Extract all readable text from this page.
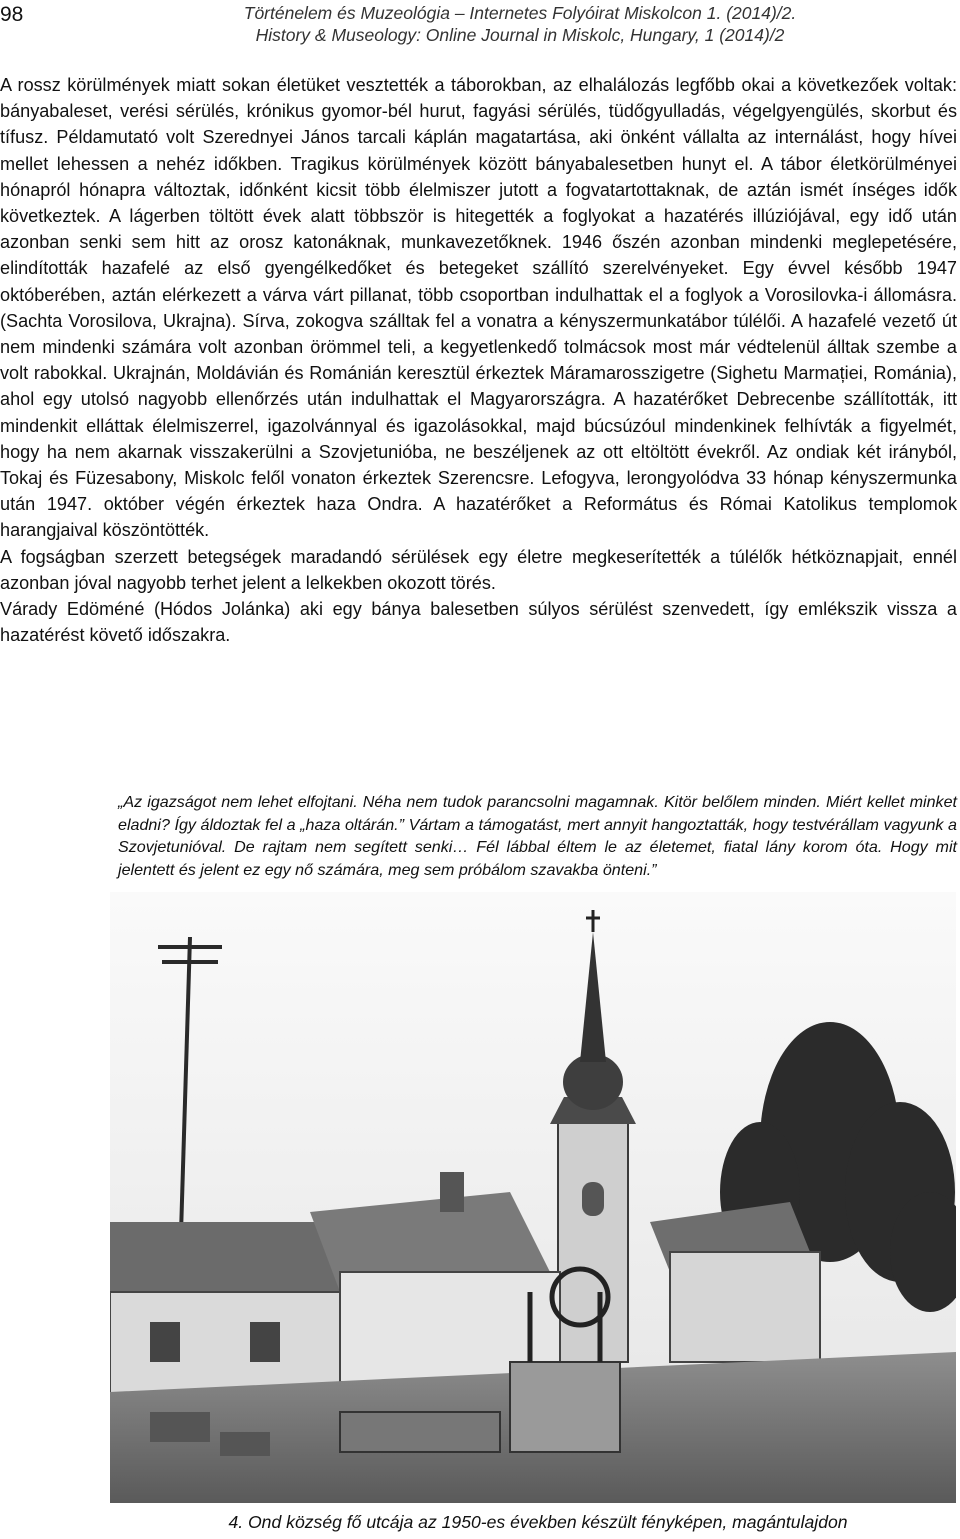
98	Történelem és Muzeológia – Internetes Folyóirat Miskolcon 1. (2014)/2.
History & Museology: Online Journal in Miskolc, Hungary, 1 (2014)/2

A rossz körülmények miatt sokan életüket vesztették a táborokban, az elhalálozás legfőbb okai a következőek voltak: bányabaleset, verési sérülés, krónikus gyomor-bél hurut, fagyási sérülés, tüdőgyulladás, végelgyengülés, skorbut és tífusz. Példamutató volt Szerednyei János tarcali káplán magatartása, aki önként vállalta az internálást, hogy hívei mellet lehessen a nehéz időkben. Tragikus körülmények között bányabalesetben hunyt el. A tábor életkörülményei hónapról hónapra változtak, időnként kicsit több élelmiszer jutott a fogvatartottaknak, de aztán ismét ínséges idők következtek. A lágerben töltött évek alatt többször is hitegették a foglyokat a hazatérés illúziójával, egy idő után azonban senki sem hitt az orosz katonáknak, munkavezetőknek. 1946 őszén azonban mindenki meglepetésére, elindították hazafelé az első gyengélkedőket és betegeket szállító szerelvényeket. Egy évvel később 1947 októberében, aztán elérkezett a várva várt pillanat, több csoportban indulhattak el a foglyok a Vorosilovka-i állomásra. (Sachta Vorosilova, Ukrajna). Sírva, zokogva szálltak fel a vonatra a kényszermunkatábor túlélői. A hazafelé vezető út nem mindenki számára volt azonban örömmel teli, a kegyetlenkedő tolmácsok most már védtelenül álltak szembe a volt rabokkal. Ukrajnán, Moldávián és Románián keresztül érkeztek Máramarosszigetre (Sighetu Marmației, Románia), ahol egy utolsó nagyobb ellenőrzés után indulhattak el Magyarországra. A hazatérőket Debrecenbe szállították, itt mindenkit elláttak élelmiszerrel, igazolvánnyal és igazolásokkal, majd búcsúzóul mindenkinek felhívták a figyelmét, hogy ha nem akarnak visszakerülni a Szovjetunióba, ne beszéljenek az ott eltöltött évekről. Az ondiak két irányból, Tokaj és Füzesabony, Miskolc felől vonaton érkeztek Szerencsre. Lefogyva, lerongyolódva 33 hónap kényszermunka után 1947. október végén érkeztek haza Ondra. A hazatérőket a Református és Római Katolikus templomok harangjaival köszöntötték.

A fogságban szerzett betegségek maradandó sérülések egy életre megkeserítették a túlélők hétköznapjait, ennél azonban jóval nagyobb terhet jelent a lelkekben okozott törés.

Várady Edöméné (Hódos Jolánka) aki egy bánya balesetben súlyos sérülést szenvedett, így emlékszik vissza a hazatérést követő időszakra.

„Az igazságot nem lehet elfojtani. Néha nem tudok parancsolni magamnak. Kitör belőlem minden. Miért kellet minket eladni? Így áldoztak fel a „haza oltárán.” Vártam a támogatást, mert annyit hangoztatták, hogy testvérállam vagyunk a Szovjetunióval. De rajtam nem segített senki… Fél lábbal éltem le az életemet, fiatal lány korom óta. Hogy mit jelentett és jelent ez egy nő számára, meg sem próbálom szavakba önteni.”
4. Ond község fő utcája az 1950-es években készült fényképen, magántulajdon
